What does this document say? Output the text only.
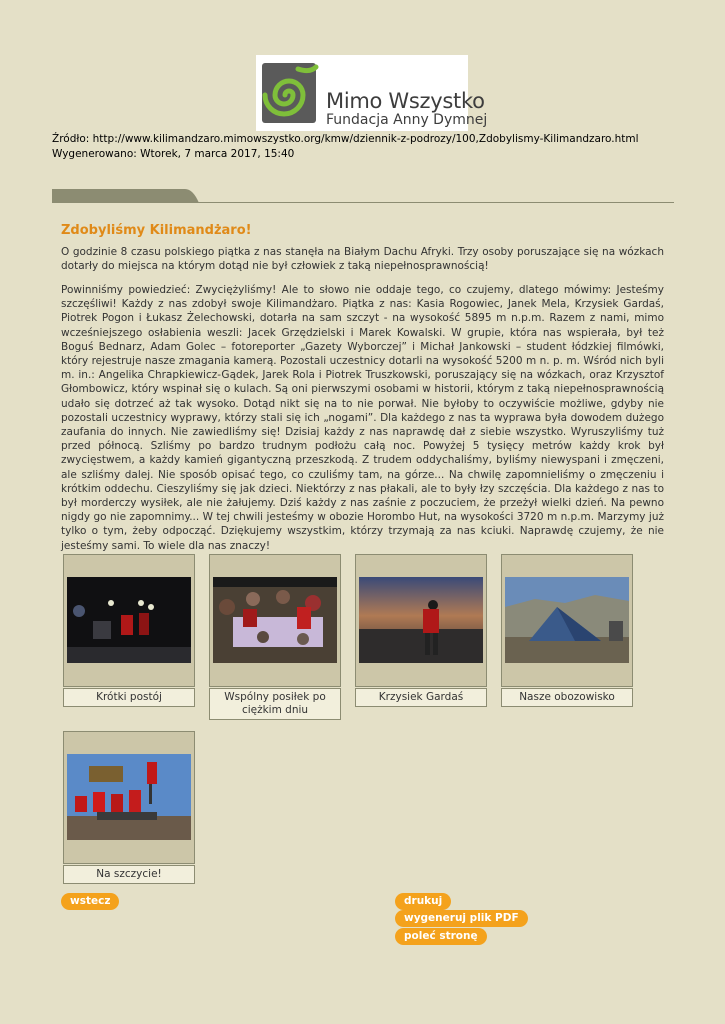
Mimo Wszystko
Fundacja Anny Dymnej
Źródło: http://www.kilimandzaro.mimowszystko.org/kmw/dziennik-z-podrozy/100,Zdobylismy-Kilimandzaro.html
Wygenerowano: Wtorek, 7 marca 2017, 15:40
Zdobyliśmy Kilimandżaro!

O godzinie 8 czasu polskiego piątka z nas stanęła na Białym Dachu Afryki. Trzy osoby poruszające się na wózkach dotarły do miejsca na którym dotąd nie był człowiek z taką niepełnosprawnością!

Powinniśmy powiedzieć: Zwyciężyliśmy! Ale to słowo nie oddaje tego, co czujemy, dlatego mówimy: Jesteśmy szczęśliwi! Każdy z nas zdobył swoje Kilimandżaro. Piątka z nas: Kasia Rogowiec, Janek Mela, Krzysiek Gardaś, Piotrek Pogon i Łukasz Żelechowski, dotarła na sam szczyt - na wysokość 5895 m n.p.m. Razem z nami, mimo wcześniejszego osłabienia weszli: Jacek Grzędzielski i Marek Kowalski. W grupie, która nas wspierała, był też Boguś Bednarz, Adam Golec – fotoreporter „Gazety Wyborczej” i Michał Jankowski – student łódzkiej filmówki, który rejestruje nasze zmagania kamerą. Pozostali uczestnicy dotarli na wysokość 5200 m n. p. m. Wśród nich byli m. in.: Angelika Chrapkiewicz-Gądek, Jarek Rola i Piotrek Truszkowski, poruszający się na wózkach, oraz Krzysztof Głombowicz, który wspinał się o kulach. Są oni pierwszymi osobami w historii, którym z taką niepełnosprawnością udało się dotrzeć aż tak wysoko. Dotąd nikt się na to nie porwał. Nie byłoby to oczywiście możliwe, gdyby nie pozostali uczestnicy wyprawy, którzy stali się ich „nogami”. Dla każdego z nas ta wyprawa była dowodem dużego zaufania do innych. Nie zawiedliśmy się! Dzisiaj każdy z nas naprawdę dał z siebie wszystko. Wyruszyliśmy tuż przed północą. Szliśmy po bardzo trudnym podłożu całą noc. Powyżej 5 tysięcy metrów każdy krok był zwycięstwem, a każdy kamień gigantyczną przeszkodą. Z trudem oddychaliśmy, byliśmy niewyspani i zmęczeni, ale szliśmy dalej. Nie sposób opisać tego, co czuliśmy tam, na górze... Na chwilę zapomnieliśmy o zmęczeniu i krótkim oddechu. Cieszyliśmy się jak dzieci. Niektórzy z nas płakali, ale to były łzy szczęścia. Dla każdego z nas to był morderczy wysiłek, ale nie żałujemy. Dziś każdy z nas zaśnie z poczuciem, że przeżył wielki dzień. Na pewno nigdy go nie zapomnimy... W tej chwili jesteśmy w obozie Horombo Hut, na wysokości 3720 m n.p.m. Marzymy już tylko o tym, żeby odpocząć. Dziękujemy wszystkim, którzy trzymają za nas kciuki. Naprawdę czujemy, że nie jesteśmy sami. To wiele dla nas znaczy!

Krótki postój	Wspólny posiłek po ciężkim dniu
Krzysiek Gardaś	Nasze obozowisko
Na szczycie!
wstecz	drukuj
wygeneruj plik PDF
poleć stronę
